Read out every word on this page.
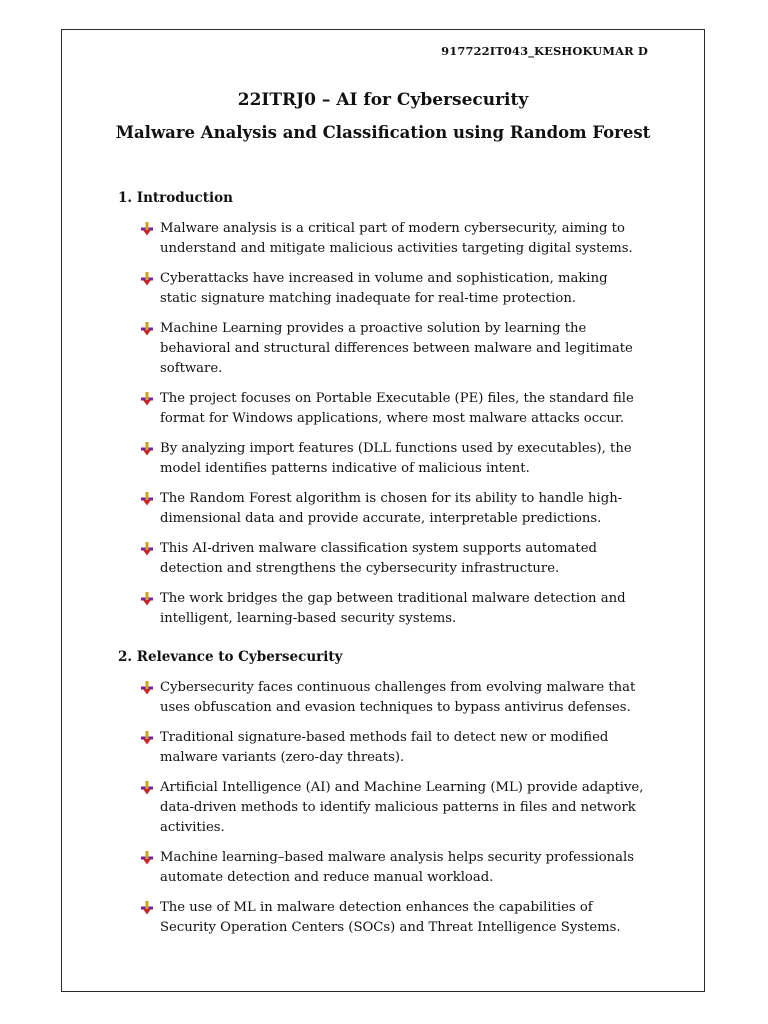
917722IT043_KESHOKUMAR D
22ITRJ0 – AI for Cybersecurity
Malware Analysis and Classification using Random Forest
1. Introduction
Malware analysis is a critical part of modern cybersecurity, aiming to understand and mitigate malicious activities targeting digital systems.
Cyberattacks have increased in volume and sophistication, making static signature matching inadequate for real-time protection.
Machine Learning provides a proactive solution by learning the behavioral and structural differences between malware and legitimate software.
The project focuses on Portable Executable (PE) files, the standard file format for Windows applications, where most malware attacks occur.
By analyzing import features (DLL functions used by executables), the model identifies patterns indicative of malicious intent.
The Random Forest algorithm is chosen for its ability to handle high-dimensional data and provide accurate, interpretable predictions.
This AI-driven malware classification system supports automated detection and strengthens the cybersecurity infrastructure.
The work bridges the gap between traditional malware detection and intelligent, learning-based security systems.
2. Relevance to Cybersecurity
Cybersecurity faces continuous challenges from evolving malware that uses obfuscation and evasion techniques to bypass antivirus defenses.
Traditional signature-based methods fail to detect new or modified malware variants (zero-day threats).
Artificial Intelligence (AI) and Machine Learning (ML) provide adaptive, data-driven methods to identify malicious patterns in files and network activities.
Machine learning–based malware analysis helps security professionals automate detection and reduce manual workload.
The use of ML in malware detection enhances the capabilities of Security Operation Centers (SOCs) and Threat Intelligence Systems.
